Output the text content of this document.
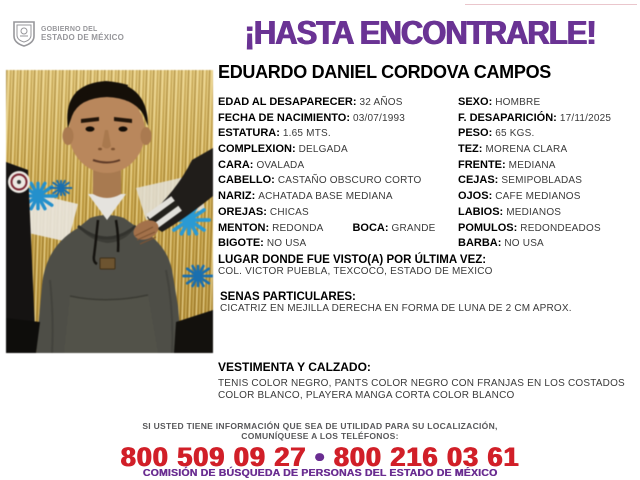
GOBIERNO DEL
ESTADO DE MÉXICO	¡HASTA ENCONTRARLE!
EDUARDO DANIEL CORDOVA CAMPOS
EDAD AL DESAPARECER: 32 AÑOS	SEXO: HOMBRE
FECHA DE NACIMIENTO: 03/07/1993	F. DESAPARICIÓN: 17/11/2025
ESTATURA: 1.65 MTS.	PESO: 65 KGS.
COMPLEXION: DELGADA	TEZ: MORENA CLARA
CARA: OVALADA	FRENTE: MEDIANA
CABELLO: CASTAÑO OBSCURO CORTO	CEJAS: SEMIPOBLADAS
NARIZ: ACHATADA BASE MEDIANA	OJOS: CAFE MEDIANOS
OREJAS: CHICAS	LABIOS: MEDIANOS
MENTON: REDONDA	BOCA: GRANDE	POMULOS: REDONDEADOS
BIGOTE: NO USA	BARBA: NO USA
LUGAR DONDE FUE VISTO(A) POR ÚLTIMA VEZ:
COL. VICTOR PUEBLA, TEXCOCO, ESTADO DE MEXICO
SENAS PARTICULARES:
CICATRIZ EN MEJILLA DERECHA EN FORMA DE LUNA DE 2 CM APROX.
VESTIMENTA Y CALZADO:
TENIS COLOR NEGRO, PANTS COLOR NEGRO CON FRANJAS EN LOS COSTADOS
COLOR BLANCO, PLAYERA MANGA CORTA COLOR BLANCO
SI USTED TIENE INFORMACIÓN QUE SEA DE UTILIDAD PARA SU LOCALIZACIÓN,
COMUNÍQUESE A LOS TELÉFONOS:
800 509 09 27 • 800 216 03 61
COMISIÓN DE BÚSQUEDA DE PERSONAS DEL ESTADO DE MÉXICO
